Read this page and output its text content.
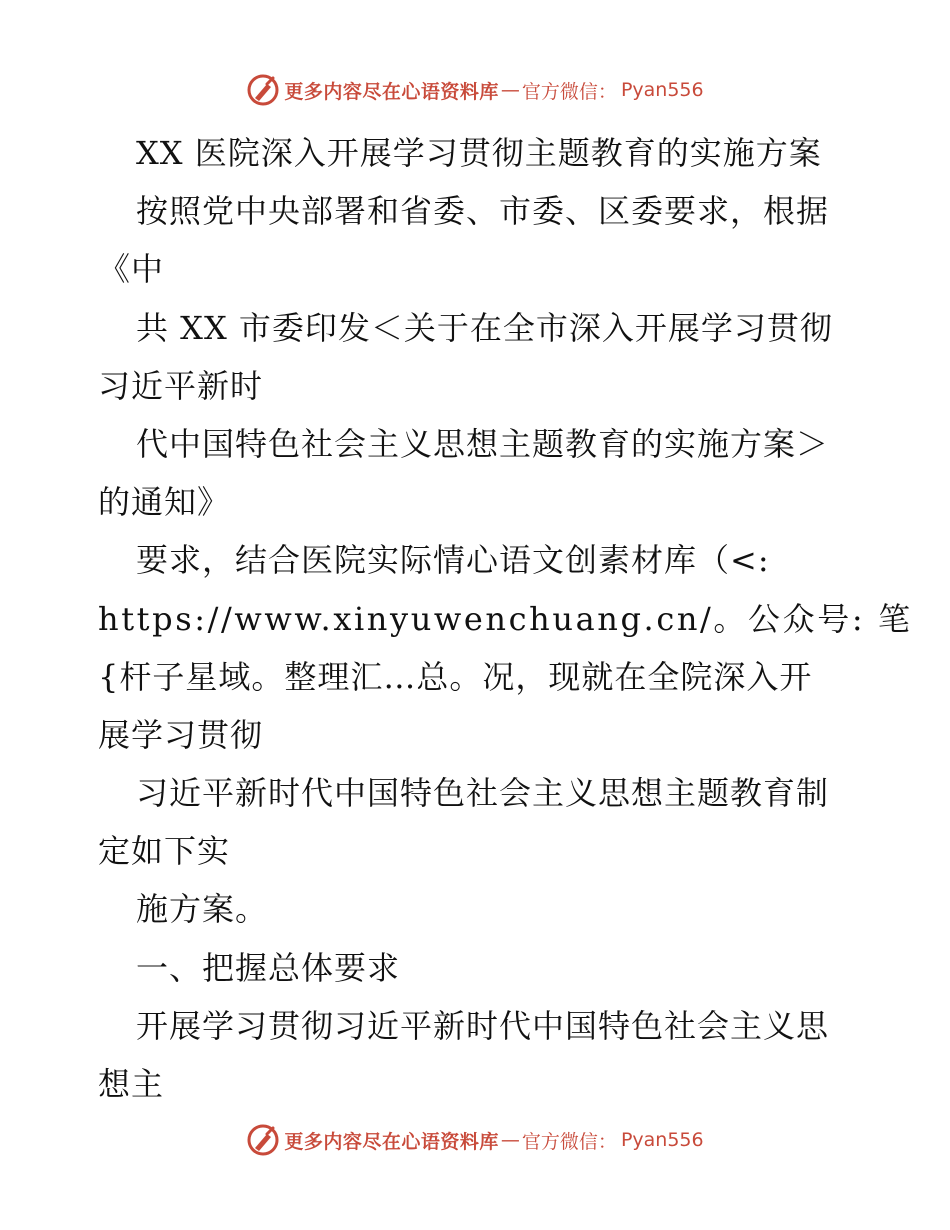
更多内容尽在心语资料库 — 官方微信： Pyan556
XX 医院深入开展学习贯彻主题教育的实施方案
按照党中央部署和省委、市委、区委要求，根据
《中
共 XX 市委印发＜关于在全市深入开展学习贯彻
习近平新时
代中国特色社会主义思想主题教育的实施方案＞
的通知》
要求，结合医院实际情心语文创素材库（<:
https://www.xinyuwenchuang.cn/。公众号: 笔
{杆子星域。整理汇…总。况，现就在全院深入开
展学习贯彻
习近平新时代中国特色社会主义思想主题教育制
定如下实
施方案。
一、把握总体要求
开展学习贯彻习近平新时代中国特色社会主义思
想主
更多内容尽在心语资料库 — 官方微信： Pyan556
